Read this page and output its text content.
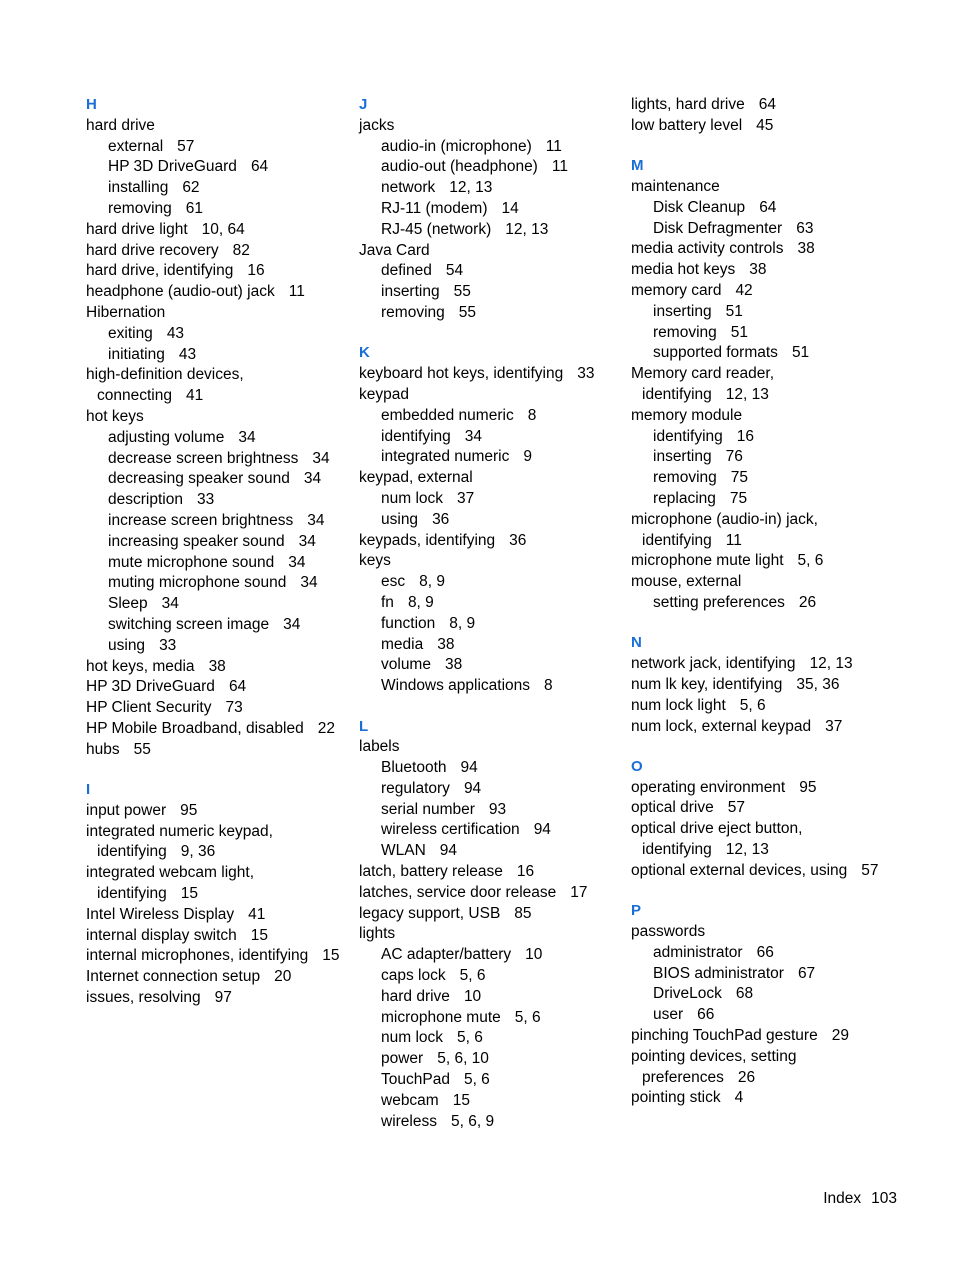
H
hard drive
external 57
HP 3D DriveGuard 64
installing 62
removing 61
hard drive light 10, 64
hard drive recovery 82
hard drive, identifying 16
headphone (audio-out) jack 11
Hibernation
exiting 43
initiating 43
high-definition devices, connecting 41
hot keys
adjusting volume 34
decrease screen brightness 34
decreasing speaker sound 34
description 33
increase screen brightness 34
increasing speaker sound 34
mute microphone sound 34
muting microphone sound 34
Sleep 34
switching screen image 34
using 33
hot keys, media 38
HP 3D DriveGuard 64
HP Client Security 73
HP Mobile Broadband, disabled 22
hubs 55
I
input power 95
integrated numeric keypad, identifying 9, 36
integrated webcam light, identifying 15
Intel Wireless Display 41
internal display switch 15
internal microphones, identifying 15
Internet connection setup 20
issues, resolving 97
J
jacks
audio-in (microphone) 11
audio-out (headphone) 11
network 12, 13
RJ-11 (modem) 14
RJ-45 (network) 12, 13
Java Card
defined 54
inserting 55
removing 55
K
keyboard hot keys, identifying 33
keypad
embedded numeric 8
identifying 34
integrated numeric 9
keypad, external
num lock 37
using 36
keypads, identifying 36
keys
esc 8, 9
fn 8, 9
function 8, 9
media 38
volume 38
Windows applications 8
L
labels
Bluetooth 94
regulatory 94
serial number 93
wireless certification 94
WLAN 94
latch, battery release 16
latches, service door release 17
legacy support, USB 85
lights
AC adapter/battery 10
caps lock 5, 6
hard drive 10
microphone mute 5, 6
num lock 5, 6
power 5, 6, 10
TouchPad 5, 6
webcam 15
wireless 5, 6, 9
lights, hard drive 64
low battery level 45
M
maintenance
Disk Cleanup 64
Disk Defragmenter 63
media activity controls 38
media hot keys 38
memory card 42
inserting 51
removing 51
supported formats 51
Memory card reader, identifying 12, 13
memory module
identifying 16
inserting 76
removing 75
replacing 75
microphone (audio-in) jack, identifying 11
microphone mute light 5, 6
mouse, external
setting preferences 26
N
network jack, identifying 12, 13
num lk key, identifying 35, 36
num lock light 5, 6
num lock, external keypad 37
O
operating environment 95
optical drive 57
optical drive eject button, identifying 12, 13
optional external devices, using 57
P
passwords
administrator 66
BIOS administrator 67
DriveLock 68
user 66
pinching TouchPad gesture 29
pointing devices, setting preferences 26
pointing stick 4
Index 103
